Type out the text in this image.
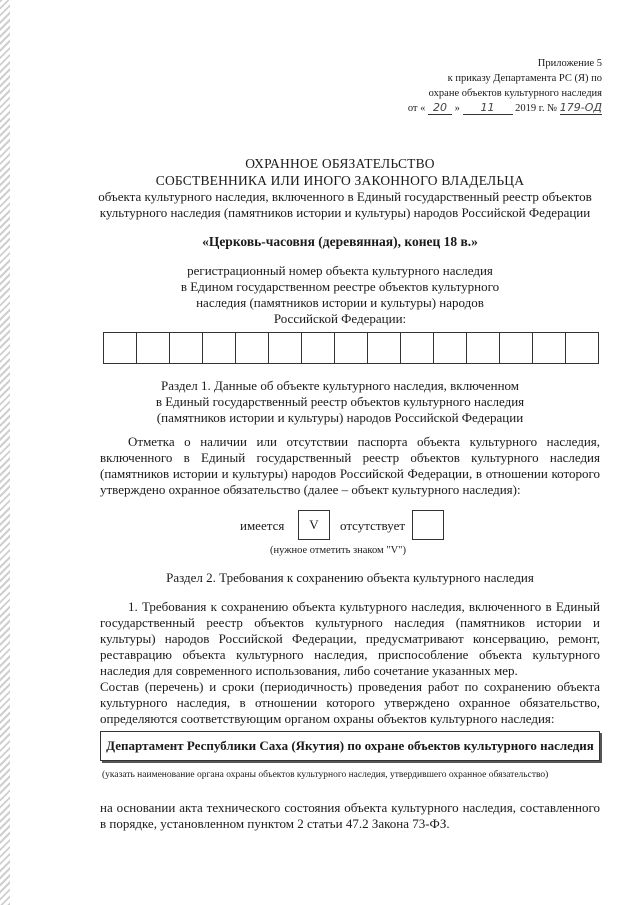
Приложение 5
к приказу Департамента РС (Я) по
охране объектов культурного наследия
от « 20 » 11 2019 г. № 179-ОД
ОХРАННОЕ ОБЯЗАТЕЛЬСТВО
СОБСТВЕННИКА ИЛИ ИНОГО ЗАКОННОГО ВЛАДЕЛЬЦА
объекта культурного наследия, включенного в Единый государственный реестр объектов
культурного наследия (памятников истории и культуры) народов Российской Федерации
«Церковь-часовня (деревянная), конец 18 в.»
регистрационный номер объекта культурного наследия
в Едином государственном реестре объектов культурного
наследия (памятников истории и культуры) народов
Российской Федерации:
Раздел 1. Данные об объекте культурного наследия, включенном
в Единый государственный реестр объектов культурного наследия
(памятников истории и культуры) народов Российской Федерации
Отметка о наличии или отсутствии паспорта объекта культурного наследия, включенного в Единый государственный реестр объектов культурного наследия (памятников истории и культуры) народов Российской Федерации, в отношении которого утверждено охранное обязательство (далее – объект культурного наследия):
имеется	V	отсутствует
(нужное отметить знаком "V")
Раздел 2. Требования к сохранению объекта культурного наследия
1. Требования к сохранению объекта культурного наследия, включенного в Единый государственный реестр объектов культурного наследия (памятников истории и культуры) народов Российской Федерации, предусматривают консервацию, ремонт, реставрацию объекта культурного наследия, приспособление объекта культурного наследия для современного использования, либо сочетание указанных мер.
Состав (перечень) и сроки (периодичность) проведения работ по сохранению объекта культурного наследия, в отношении которого утверждено охранное обязательство, определяются соответствующим органом охраны объектов культурного наследия:
Департамент Республики Саха (Якутия) по охране объектов культурного наследия
(указать наименование органа охраны объектов культурного наследия, утвердившего охранное обязательство)
на основании акта технического состояния объекта культурного наследия, составленного в порядке, установленном пунктом 2 статьи 47.2 Закона 73-ФЗ.
